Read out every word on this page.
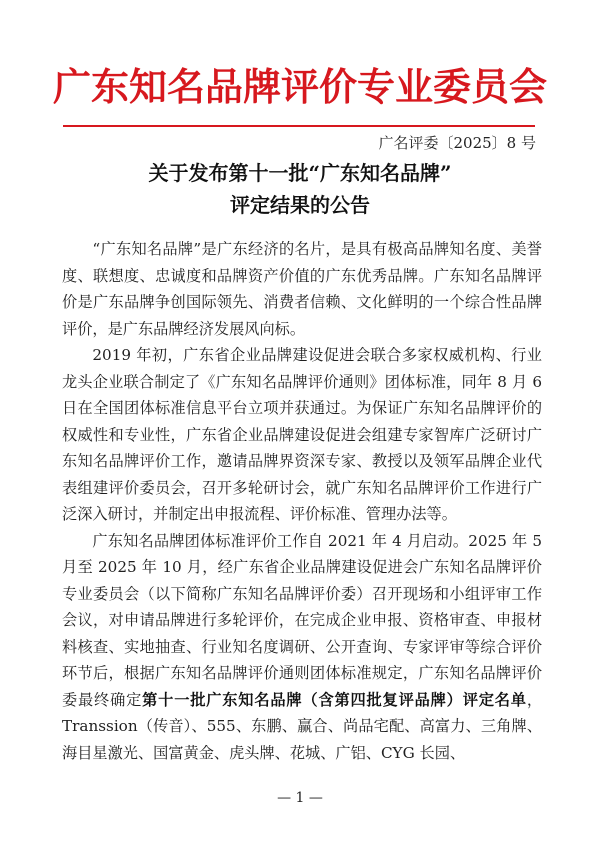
广东知名品牌评价专业委员会
广名评委〔2025〕8 号
关于发布第十一批“广东知名品牌”
评定结果的公告

“广东知名品牌”是广东经济的名片，是具有极高品牌知名度、美誉度、联想度、忠诚度和品牌资产价值的广东优秀品牌。广东知名品牌评价是广东品牌争创国际领先、消费者信赖、文化鲜明的一个综合性品牌评价，是广东品牌经济发展风向标。

2019 年初，广东省企业品牌建设促进会联合多家权威机构、行业龙头企业联合制定了《广东知名品牌评价通则》团体标准，同年 8 月 6 日在全国团体标准信息平台立项并获通过。为保证广东知名品牌评价的权威性和专业性，广东省企业品牌建设促进会组建专家智库广泛研讨广东知名品牌评价工作，邀请品牌界资深专家、教授以及领军品牌企业代表组建评价委员会，召开多轮研讨会，就广东知名品牌评价工作进行广泛深入研讨，并制定出申报流程、评价标准、管理办法等。

广东知名品牌团体标准评价工作自 2021 年 4 月启动。2025 年 5 月至 2025 年 10 月，经广东省企业品牌建设促进会广东知名品牌评价专业委员会（以下简称广东知名品牌评价委）召开现场和小组评审工作会议，对申请品牌进行多轮评价，在完成企业申报、资格审查、申报材料核查、实地抽查、行业知名度调研、公开查询、专家评审等综合评价环节后，根据广东知名品牌评价通则团体标准规定，广东知名品牌评价委最终确定第十一批广东知名品牌（含第四批复评品牌）评定名单，Transsion（传音）、555、东鹏、赢合、尚品宅配、高富力、三角牌、海目星激光、国富黄金、虎头牌、花城、广铝、CYG 长园、

— 1 —
